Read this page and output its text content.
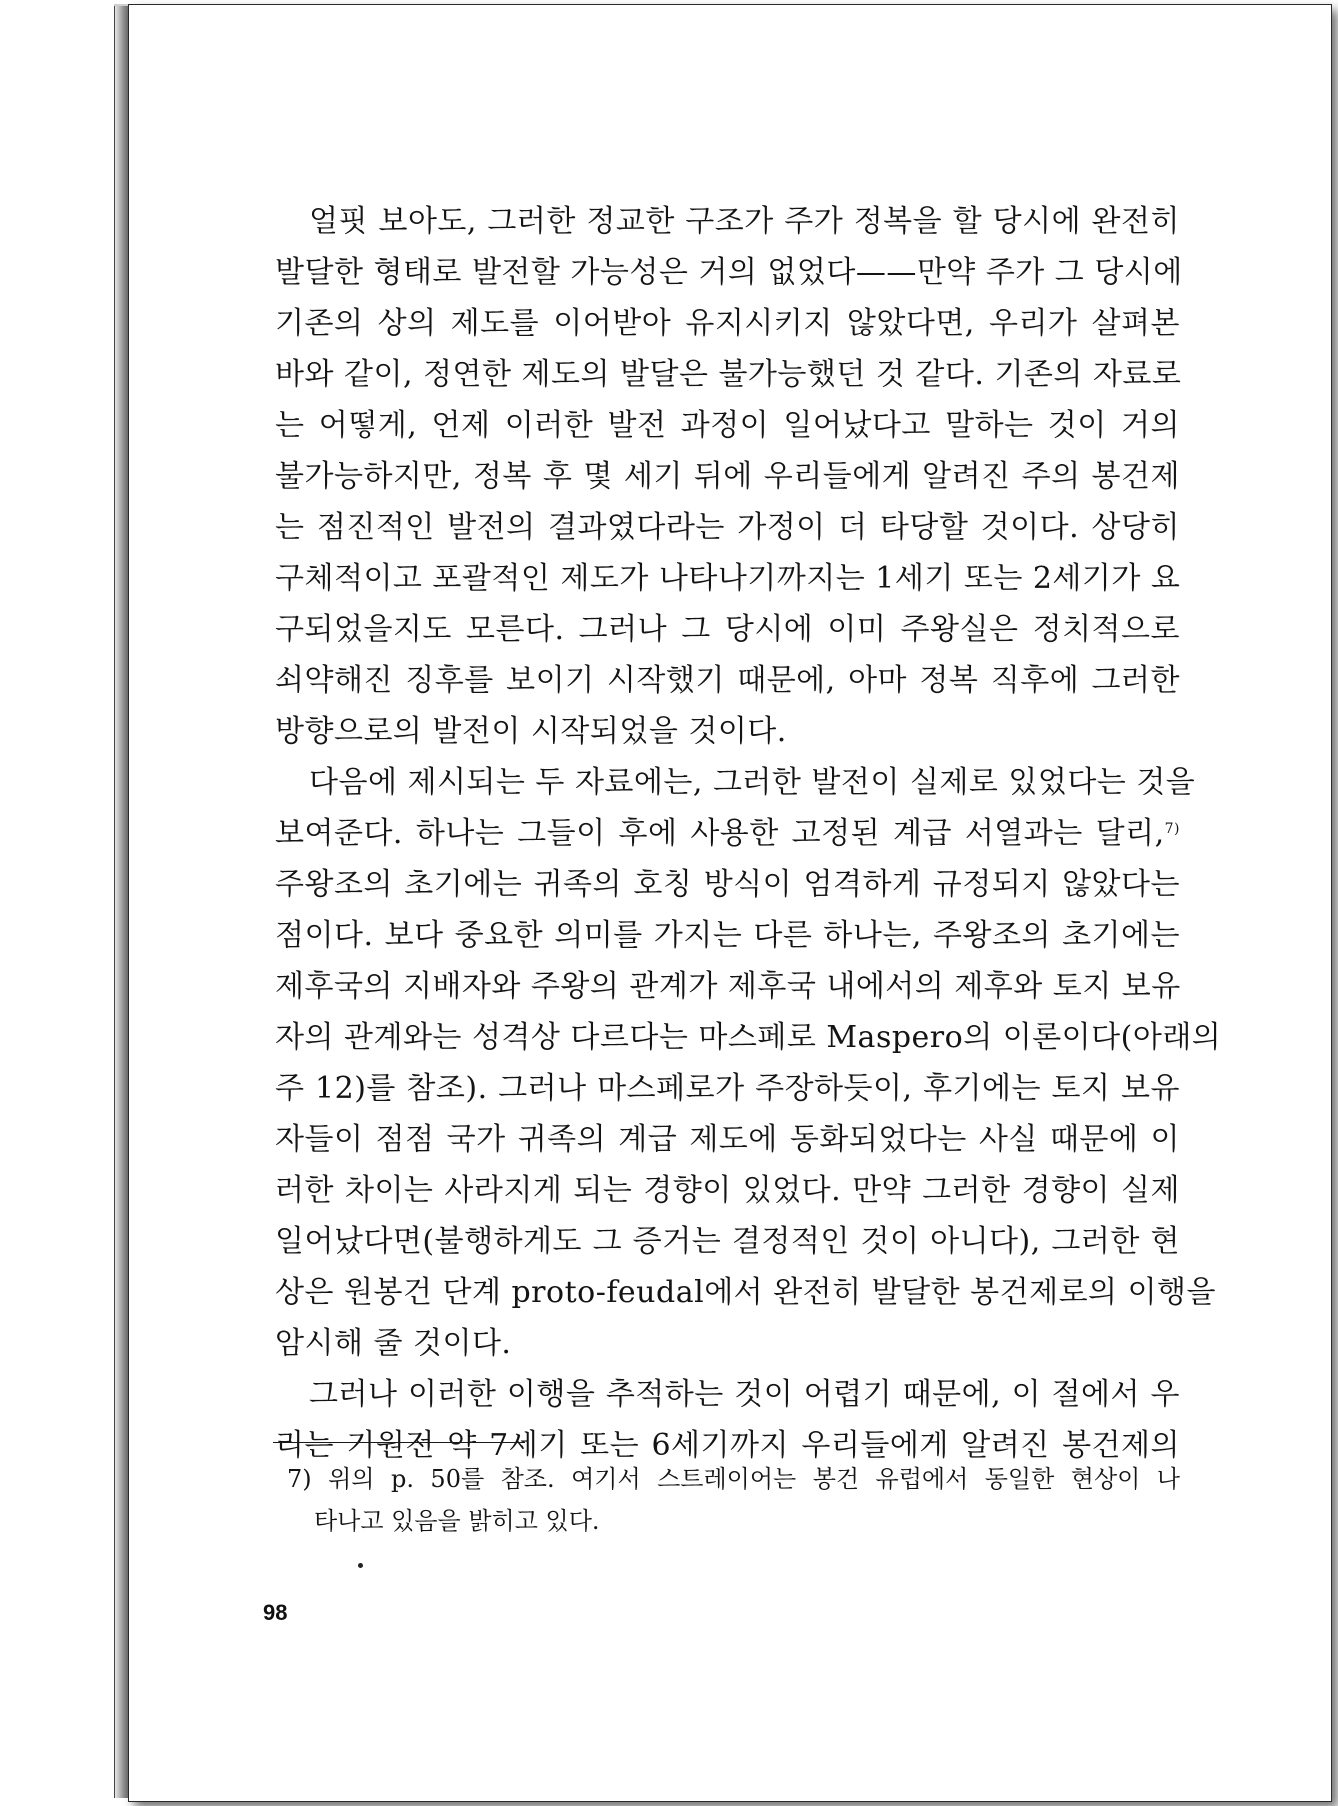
얼핏 보아도, 그러한 정교한 구조가 주가 정복을 할 당시에 완전히
발달한 형태로 발전할 가능성은 거의 없었다——만약 주가 그 당시에
기존의 상의 제도를 이어받아 유지시키지 않았다면, 우리가 살펴본
바와 같이, 정연한 제도의 발달은 불가능했던 것 같다. 기존의 자료로
는 어떻게, 언제 이러한 발전 과정이 일어났다고 말하는 것이 거의
불가능하지만, 정복 후 몇 세기 뒤에 우리들에게 알려진 주의 봉건제
는 점진적인 발전의 결과였다라는 가정이 더 타당할 것이다. 상당히
구체적이고 포괄적인 제도가 나타나기까지는 1세기 또는 2세기가 요
구되었을지도 모른다. 그러나 그 당시에 이미 주왕실은 정치적으로
쇠약해진 징후를 보이기 시작했기 때문에, 아마 정복 직후에 그러한
방향으로의 발전이 시작되었을 것이다.
다음에 제시되는 두 자료에는, 그러한 발전이 실제로 있었다는 것을
보여준다. 하나는 그들이 후에 사용한 고정된 계급 서열과는 달리,$^{7)}$
주왕조의 초기에는 귀족의 호칭 방식이 엄격하게 규정되지 않았다는
점이다. 보다 중요한 의미를 가지는 다른 하나는, 주왕조의 초기에는
제후국의 지배자와 주왕의 관계가 제후국 내에서의 제후와 토지 보유
자의 관계와는 성격상 다르다는 마스페로 Maspero의 이론이다(아래의
주 12)를 참조). 그러나 마스페로가 주장하듯이, 후기에는 토지 보유
자들이 점점 국가 귀족의 계급 제도에 동화되었다는 사실 때문에 이
러한 차이는 사라지게 되는 경향이 있었다. 만약 그러한 경향이 실제
일어났다면(불행하게도 그 증거는 결정적인 것이 아니다), 그러한 현
상은 원봉건 단계 proto-feudal에서 완전히 발달한 봉건제로의 이행을
암시해 줄 것이다.
그러나 이러한 이행을 추적하는 것이 어렵기 때문에, 이 절에서 우
리는 기원전 약 7세기 또는 6세기까지 우리들에게 알려진 봉건제의
7) 위의 p. 50를 참조. 여기서 스트레이어는 봉건 유럽에서 동일한 현상이 나
타나고 있음을 밝히고 있다.
98
